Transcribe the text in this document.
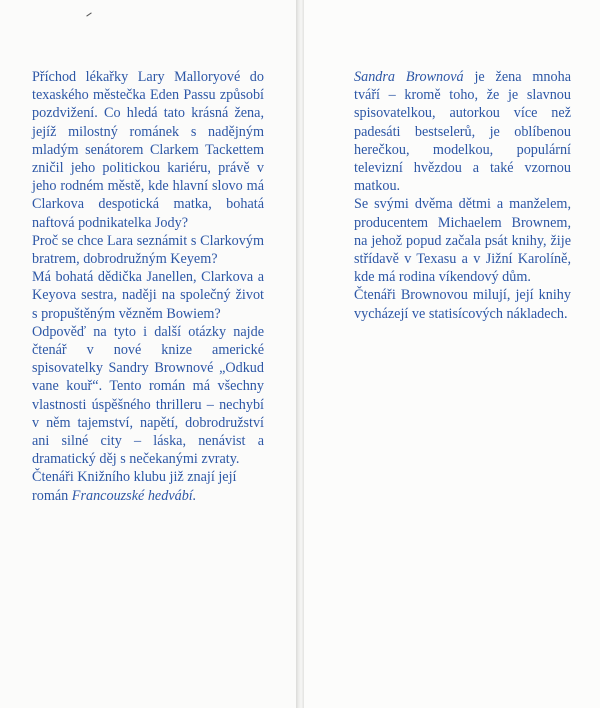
Příchod lékařky Lary Malloryové do texaského městečka Eden Passu způsobí pozdvižení. Co hledá tato krásná žena, jejíž milostný románek s nadějným mladým senátorem Clarkem Tackettem zničil jeho politickou kariéru, právě v jeho rodném městě, kde hlavní slovo má Clarkova despotická matka, bohatá naftová podnikatelka Jody?

Proč se chce Lara seznámit s Clarkovým bratrem, dobrodružným Keyem?

Má bohatá dědička Janellen, Clarkova a Keyova sestra, naději na společný život s propuštěným vězněm Bowiem?

Odpověď na tyto i další otázky najde čtenář v nové knize americké spisovatelky Sandry Brownové „Odkud vane kouř“. Tento román má všechny vlastnosti úspěšného thrilleru – nechybí v něm tajemství, napětí, dobrodružství ani silné city – láska, nenávist a dramatický děj s nečekanými zvraty.

Čtenáři Knižního klubu již znají její román Francouzské hedvábí.

Sandra Brownová je žena mnoha tváří – kromě toho, že je slavnou spisovatelkou, autorkou více než padesáti bestselerů, je oblíbenou herečkou, modelkou, populární televizní hvězdou a také vzornou matkou.

Se svými dvěma dětmi a manželem, producentem Michaelem Brownem, na jehož popud začala psát knihy, žije střídavě v Texasu a v Jižní Karolíně, kde má rodina víkendový dům.

Čtenáři Brownovou milují, její knihy vycházejí ve statisícových nákladech.
